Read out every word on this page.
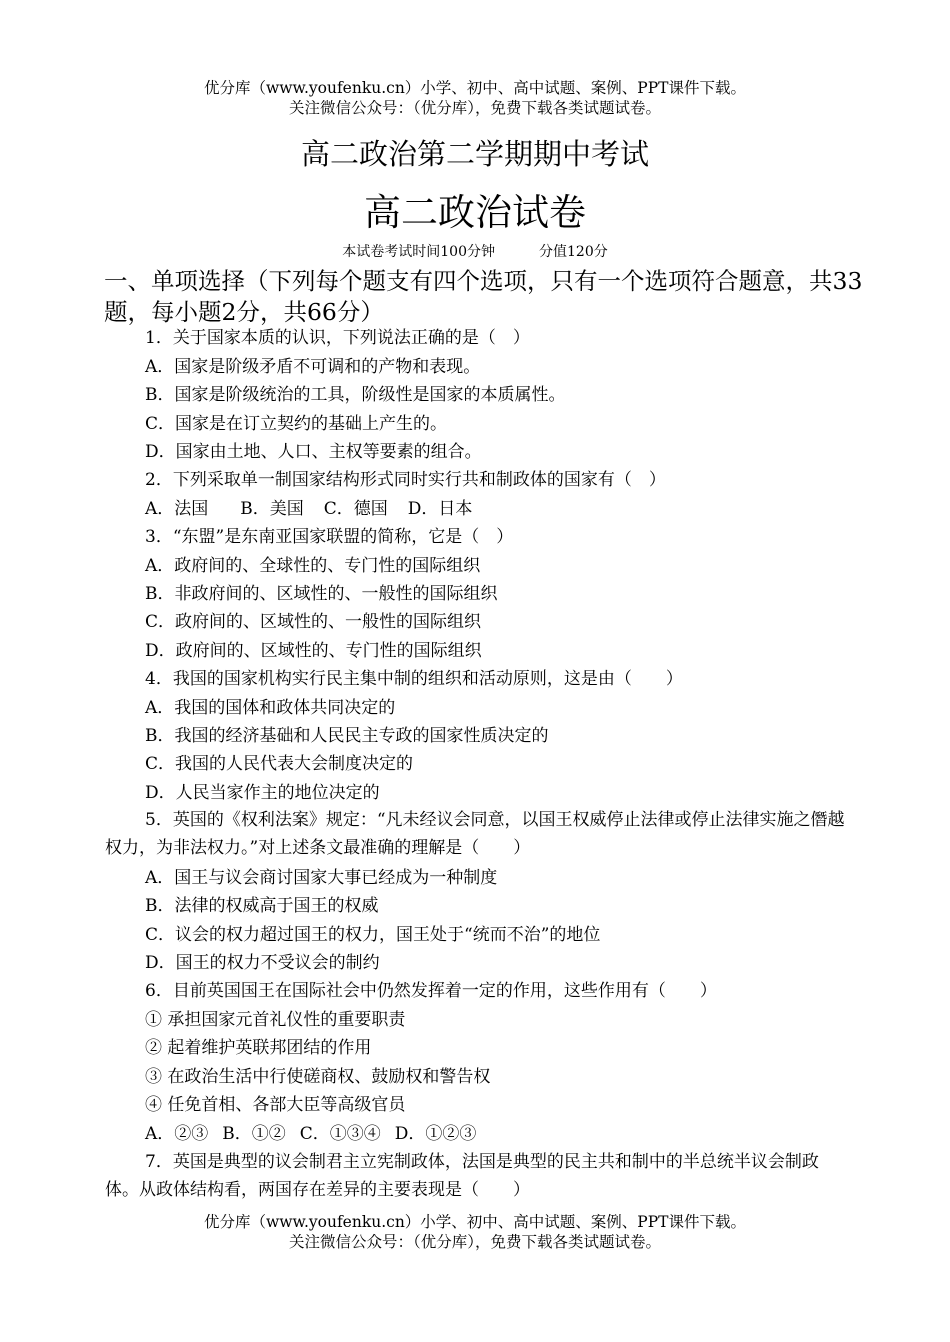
优分库（www.youfenku.cn）小学、初中、高中试题、案例、PPT课件下载。
关注微信公众号：（优分库），免费下载各类试题试卷。
高二政治第二学期期中考试
高二政治试卷
本试卷考试时间100分钟	分值120分
一、单项选择（下列每个题支有四个选项，只有一个选项符合题意，共33题，每小题2分，共66分）
1．关于国家本质的认识，下列说法正确的是（　）
A．国家是阶级矛盾不可调和的产物和表现。
B．国家是阶级统治的工具，阶级性是国家的本质属性。
C．国家是在订立契约的基础上产生的。
D．国家由土地、人口、主权等要素的组合。
2．下列采取单一制国家结构形式同时实行共和制政体的国家有（　）
A．法国 B．美国 C．德国 D．日本
3．“东盟”是东南亚国家联盟的简称，它是（　）
A．政府间的、全球性的、专门性的国际组织
B．非政府间的、区域性的、一般性的国际组织
C．政府间的、区域性的、一般性的国际组织
D．政府间的、区域性的、专门性的国际组织
4．我国的国家机构实行民主集中制的组织和活动原则，这是由（　　）
A．我国的国体和政体共同决定的
B．我国的经济基础和人民民主专政的国家性质决定的
C．我国的人民代表大会制度决定的
D．人民当家作主的地位决定的
5．英国的《权利法案》规定：“凡未经议会同意，以国王权威停止法律或停止法律实施之僭越权力，为非法权力。”对上述条文最准确的理解是（　　）
A．国王与议会商讨国家大事已经成为一种制度
B．法律的权威高于国王的权威
C．议会的权力超过国王的权力，国王处于“统而不治”的地位
D．国王的权力不受议会的制约
6．目前英国国王在国际社会中仍然发挥着一定的作用，这些作用有（　　）
① 承担国家元首礼仪性的重要职责
② 起着维护英联邦团结的作用
③ 在政治生活中行使磋商权、鼓励权和警告权
④ 任免首相、各部大臣等高级官员
A．②③ B．①② C．①③④ D．①②③
7．英国是典型的议会制君主立宪制政体，法国是典型的民主共和制中的半总统半议会制政体。从政体结构看，两国存在差异的主要表现是（　　）
优分库（www.youfenku.cn）小学、初中、高中试题、案例、PPT课件下载。
关注微信公众号：（优分库），免费下载各类试题试卷。
